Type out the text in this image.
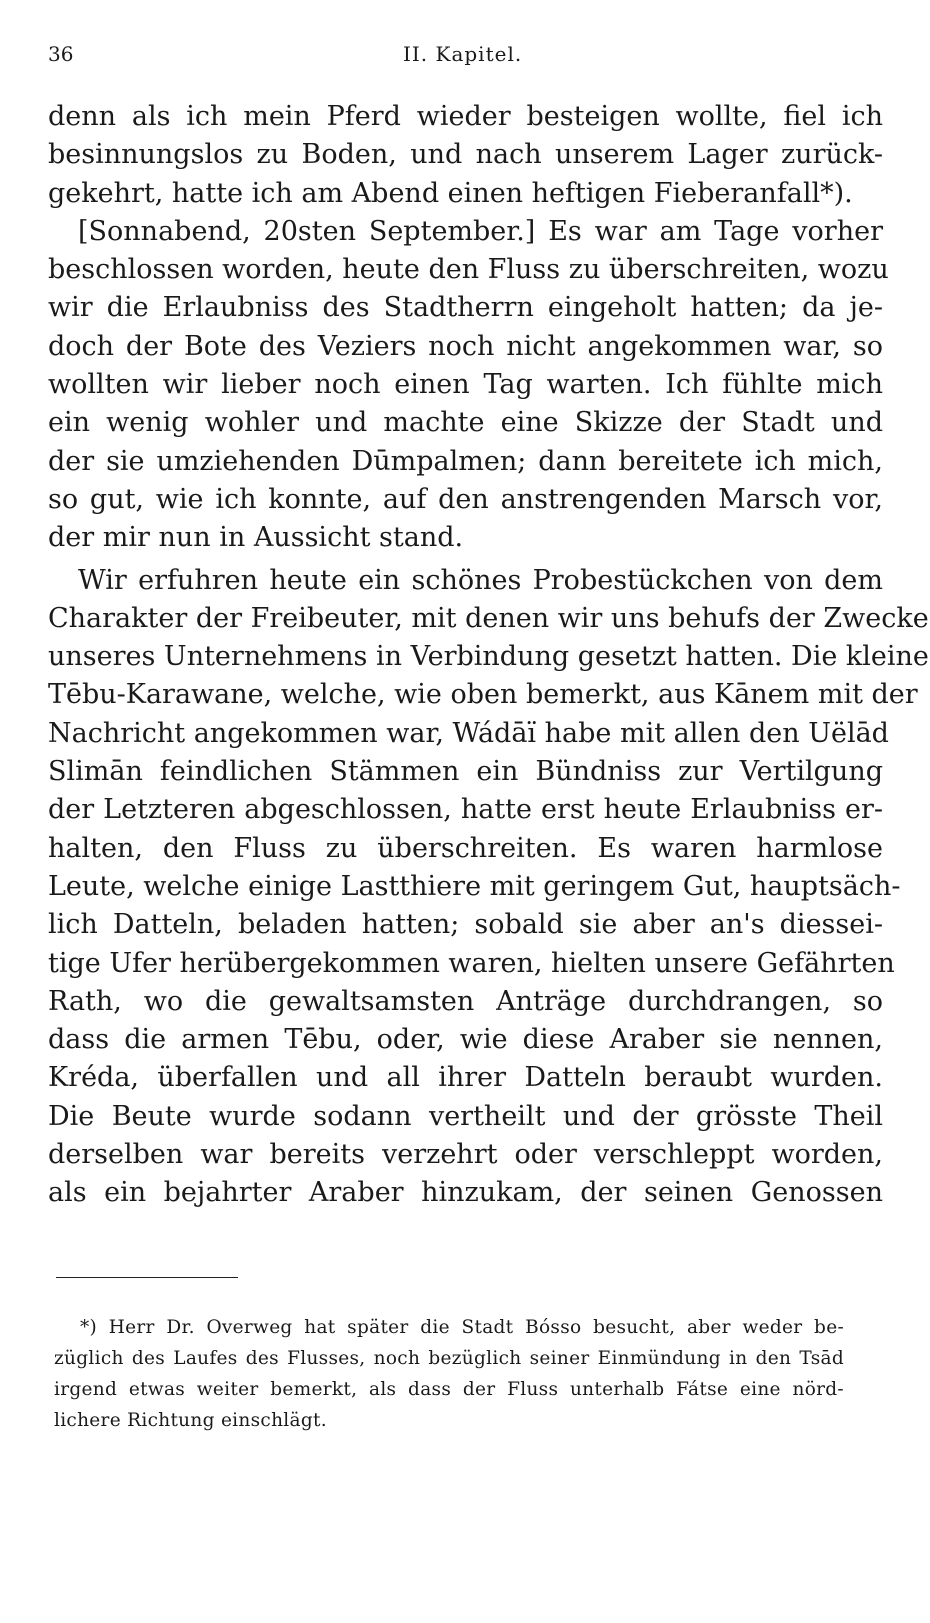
36	II. Kapitel.
denn als ich mein Pferd wieder besteigen wollte, fiel ich
besinnungslos zu Boden, und nach unserem Lager zurück-
gekehrt, hatte ich am Abend einen heftigen Fieberanfall*).
[Sonnabend, 20sten September.] Es war am Tage vorher
beschlossen worden, heute den Fluss zu überschreiten, wozu
wir die Erlaubniss des Stadtherrn eingeholt hatten; da je-
doch der Bote des Veziers noch nicht angekommen war, so
wollten wir lieber noch einen Tag warten. Ich fühlte mich
ein wenig wohler und machte eine Skizze der Stadt und
der sie umziehenden Dūmpalmen; dann bereitete ich mich,
so gut, wie ich konnte, auf den anstrengenden Marsch vor,
der mir nun in Aussicht stand.
Wir erfuhren heute ein schönes Probestückchen von dem
Charakter der Freibeuter, mit denen wir uns behufs der Zwecke
unseres Unternehmens in Verbindung gesetzt hatten. Die kleine
Tēbu-Karawane, welche, wie oben bemerkt, aus Kānem mit der
Nachricht angekommen war, Wádāï habe mit allen den Uëlād
Slimān feindlichen Stämmen ein Bündniss zur Vertilgung
der Letzteren abgeschlossen, hatte erst heute Erlaubniss er-
halten, den Fluss zu überschreiten. Es waren harmlose
Leute, welche einige Lastthiere mit geringem Gut, hauptsäch-
lich Datteln, beladen hatten; sobald sie aber an's diessei-
tige Ufer herübergekommen waren, hielten unsere Gefährten
Rath, wo die gewaltsamsten Anträge durchdrangen, so
dass die armen Tēbu, oder, wie diese Araber sie nennen,
Kréda, überfallen und all ihrer Datteln beraubt wurden.
Die Beute wurde sodann vertheilt und der grösste Theil
derselben war bereits verzehrt oder verschleppt worden,
als ein bejahrter Araber hinzukam, der seinen Genossen
*) Herr Dr. Overweg hat später die Stadt Bósso besucht, aber weder be-
züglich des Laufes des Flusses, noch bezüglich seiner Einmündung in den Tsād
irgend etwas weiter bemerkt, als dass der Fluss unterhalb Fátse eine nörd-
lichere Richtung einschlägt.
